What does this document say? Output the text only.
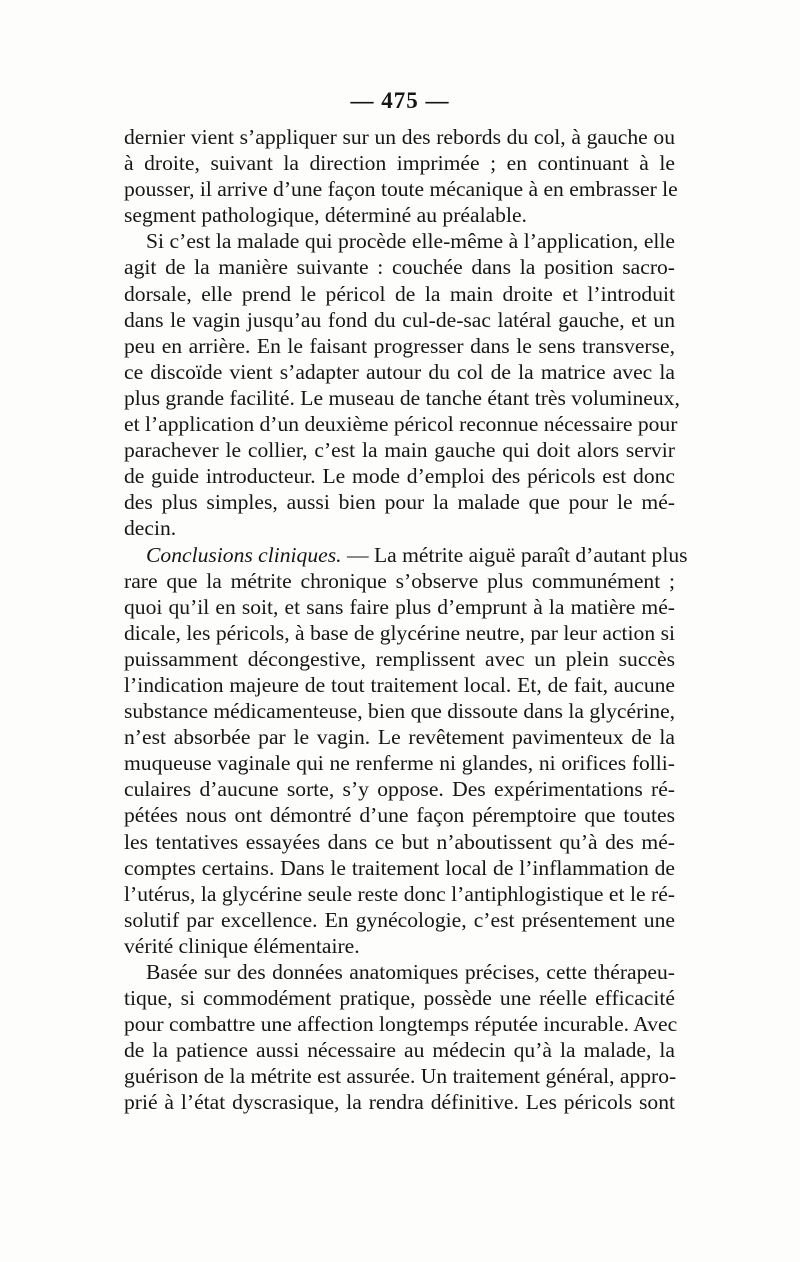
— 475 —

dernier vient s’appliquer sur un des rebords du col, à gauche ou
à droite, suivant la direction imprimée ; en continuant à le
pousser, il arrive d’une façon toute mécanique à en embrasser le
segment pathologique, déterminé au préalable.

Si c’est la malade qui procède elle-même à l’application, elle
agit de la manière suivante : couchée dans la position sacro-
dorsale, elle prend le péricol de la main droite et l’introduit
dans le vagin jusqu’au fond du cul-de-sac latéral gauche, et un
peu en arrière. En le faisant progresser dans le sens transverse,
ce discoïde vient s’adapter autour du col de la matrice avec la
plus grande facilité. Le museau de tanche étant très volumineux,
et l’application d’un deuxième péricol reconnue nécessaire pour
parachever le collier, c’est la main gauche qui doit alors servir
de guide introducteur. Le mode d’emploi des péricols est donc
des plus simples, aussi bien pour la malade que pour le mé-
decin.

Conclusions cliniques. — La métrite aiguë paraît d’autant plus
rare que la métrite chronique s’observe plus communément ;
quoi qu’il en soit, et sans faire plus d’emprunt à la matière mé-
dicale, les péricols, à base de glycérine neutre, par leur action si
puissamment décongestive, remplissent avec un plein succès
l’indication majeure de tout traitement local. Et, de fait, aucune
substance médicamenteuse, bien que dissoute dans la glycérine,
n’est absorbée par le vagin. Le revêtement pavimenteux de la
muqueuse vaginale qui ne renferme ni glandes, ni orifices folli-
culaires d’aucune sorte, s’y oppose. Des expérimentations ré-
pétées nous ont démontré d’une façon péremptoire que toutes
les tentatives essayées dans ce but n’aboutissent qu’à des mé-
comptes certains. Dans le traitement local de l’inflammation de
l’utérus, la glycérine seule reste donc l’antiphlogistique et le ré-
solutif par excellence. En gynécologie, c’est présentement une
vérité clinique élémentaire.

Basée sur des données anatomiques précises, cette thérapeu-
tique, si commodément pratique, possède une réelle efficacité
pour combattre une affection longtemps réputée incurable. Avec
de la patience aussi nécessaire au médecin qu’à la malade, la
guérison de la métrite est assurée. Un traitement général, appro-
prié à l’état dyscrasique, la rendra définitive. Les péricols sont
